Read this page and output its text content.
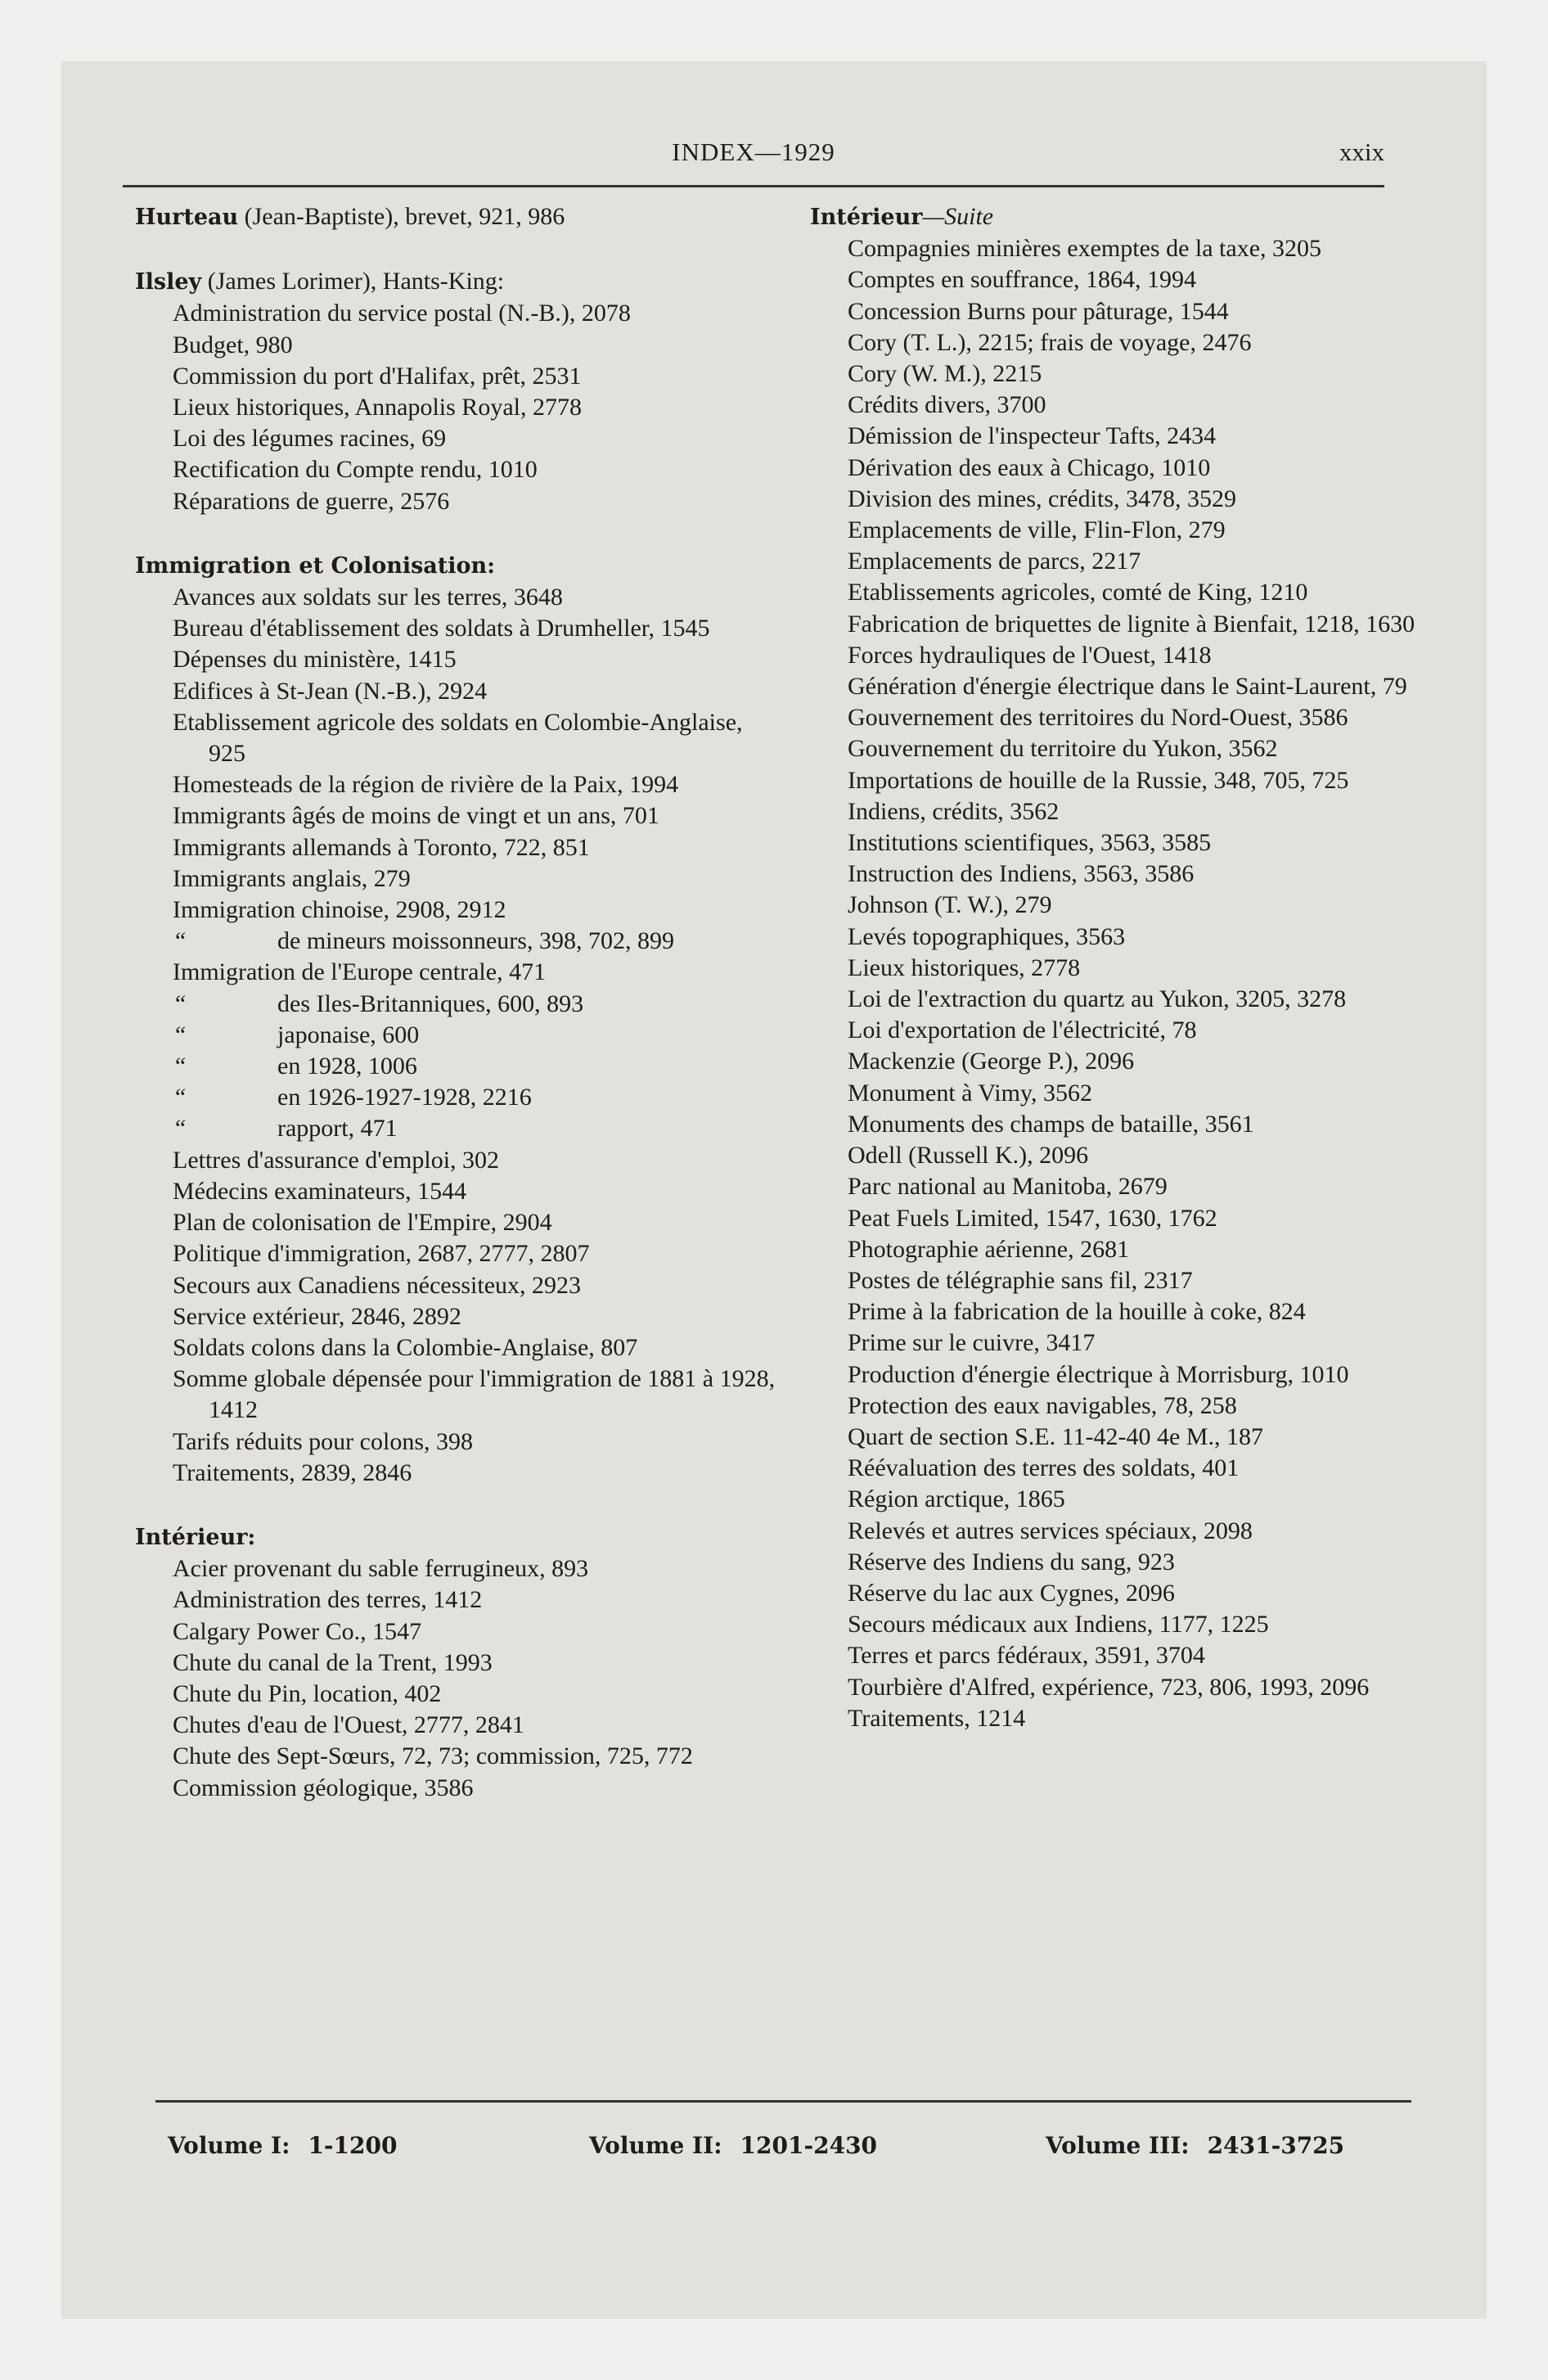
INDEX—1929	xxix

Hurteau (Jean-Baptiste), brevet, 921, 986

Ilsley (James Lorimer), Hants-King:

Administration du service postal (N.-B.), 2078

Budget, 980

Commission du port d'Halifax, prêt, 2531

Lieux historiques, Annapolis Royal, 2778

Loi des légumes racines, 69

Rectification du Compte rendu, 1010

Réparations de guerre, 2576

Immigration et Colonisation:

Avances aux soldats sur les terres, 3648

Bureau d'établissement des soldats à Drumheller, 1545

Dépenses du ministère, 1415

Edifices à St-Jean (N.-B.), 2924

Etablissement agricole des soldats en Colombie-Anglaise, 925

Homesteads de la région de rivière de la Paix, 1994

Immigrants âgés de moins de vingt et un ans, 701

Immigrants allemands à Toronto, 722, 851

Immigrants anglais, 279

Immigration chinoise, 2908, 2912

“	de mineurs moissonneurs, 398, 702, 899

Immigration de l'Europe centrale, 471

“	des Iles-Britanniques, 600, 893

“	japonaise, 600

“	en 1928, 1006

“	en 1926-1927-1928, 2216

“	rapport, 471

Lettres d'assurance d'emploi, 302

Médecins examinateurs, 1544

Plan de colonisation de l'Empire, 2904

Politique d'immigration, 2687, 2777, 2807

Secours aux Canadiens nécessiteux, 2923

Service extérieur, 2846, 2892

Soldats colons dans la Colombie-Anglaise, 807

Somme globale dépensée pour l'immigration de 1881 à 1928, 1412

Tarifs réduits pour colons, 398

Traitements, 2839, 2846

Intérieur:

Acier provenant du sable ferrugineux, 893

Administration des terres, 1412

Calgary Power Co., 1547

Chute du canal de la Trent, 1993

Chute du Pin, location, 402

Chutes d'eau de l'Ouest, 2777, 2841

Chute des Sept-Sœurs, 72, 73; commission, 725, 772

Commission géologique, 3586

Intérieur—Suite

Compagnies minières exemptes de la taxe, 3205

Comptes en souffrance, 1864, 1994

Concession Burns pour pâturage, 1544

Cory (T. L.), 2215; frais de voyage, 2476

Cory (W. M.), 2215

Crédits divers, 3700

Démission de l'inspecteur Tafts, 2434

Dérivation des eaux à Chicago, 1010

Division des mines, crédits, 3478, 3529

Emplacements de ville, Flin-Flon, 279

Emplacements de parcs, 2217

Etablissements agricoles, comté de King, 1210

Fabrication de briquettes de lignite à Bienfait, 1218, 1630

Forces hydrauliques de l'Ouest, 1418

Génération d'énergie électrique dans le Saint-Laurent, 79

Gouvernement des territoires du Nord-Ouest, 3586

Gouvernement du territoire du Yukon, 3562

Importations de houille de la Russie, 348, 705, 725

Indiens, crédits, 3562

Institutions scientifiques, 3563, 3585

Instruction des Indiens, 3563, 3586

Johnson (T. W.), 279

Levés topographiques, 3563

Lieux historiques, 2778

Loi de l'extraction du quartz au Yukon, 3205, 3278

Loi d'exportation de l'électricité, 78

Mackenzie (George P.), 2096

Monument à Vimy, 3562

Monuments des champs de bataille, 3561

Odell (Russell K.), 2096

Parc national au Manitoba, 2679

Peat Fuels Limited, 1547, 1630, 1762

Photographie aérienne, 2681

Postes de télégraphie sans fil, 2317

Prime à la fabrication de la houille à coke, 824

Prime sur le cuivre, 3417

Production d'énergie électrique à Morrisburg, 1010

Protection des eaux navigables, 78, 258

Quart de section S.E. 11-42-40 4e M., 187

Réévaluation des terres des soldats, 401

Région arctique, 1865

Relevés et autres services spéciaux, 2098

Réserve des Indiens du sang, 923

Réserve du lac aux Cygnes, 2096

Secours médicaux aux Indiens, 1177, 1225

Terres et parcs fédéraux, 3591, 3704

Tourbière d'Alfred, expérience, 723, 806, 1993, 2096

Traitements, 1214

Volume I: 1-1200	Volume II: 1201-2430	Volume III: 2431-3725
